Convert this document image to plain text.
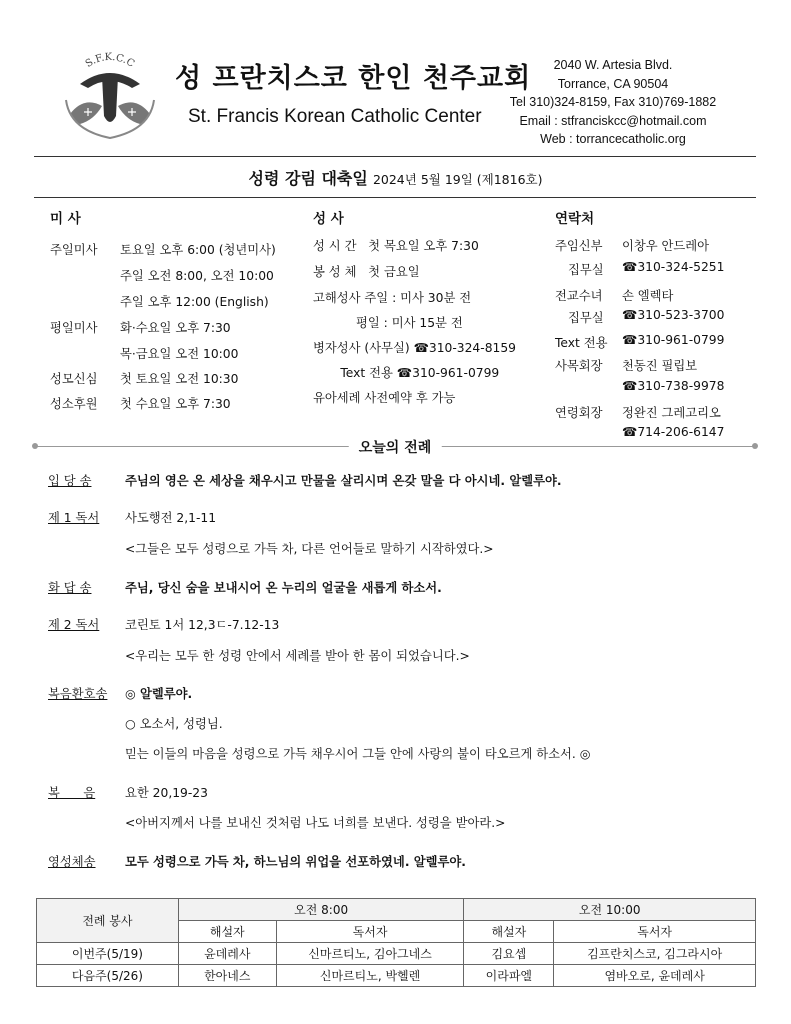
S.F.K.C.C 성 프란치스코 한인 천주교회
St. Francis Korean Catholic Center
2040 W. Artesia Blvd.
Torrance, CA 90504
Tel 310)324-8159, Fax 310)769-1882
Email : stfranciskcc@hotmail.com
Web : torrancecatholic.org
성령 강림 대축일 2024년 5월 19일 (제1816호)
미 사
주일미사 토요일 오후 6:00 (청년미사)
주일 오전 8:00, 오전 10:00
주일 오후 12:00 (English)
평일미사 화·수요일 오후 7:30
목·금요일 오전 10:00
성모신심 첫 토요일 오전 10:30
성소후원 첫 수요일 오후 7:30
성 사
성 시 간   첫 목요일 오후 7:30
봉 성 체   첫 금요일
고해성사 주일 : 미사 30분 전
평일 : 미사 15분 전
병자성사 (사무실) ☎310-324-8159
Text 전용 ☎310-961-0799
유아세례 사전예약 후 가능
연락처
주임신부 이창우 안드레아
집무실 ☎310-324-5251
전교수녀 손 엘렉타
집무실 ☎310-523-3700
Text 전용 ☎310-961-0799
사목회장 천동진 필립보
☎310-738-9978
연령회장 정완진 그레고리오
☎714-206-6147
오늘의 전례
입 당 송	주님의 영은 온 세상을 채우시고 만물을 살리시며 온갖 말을 다 아시네. 알렐루야.
제 1 독서 사도행전 2,1-11
<그들은 모두 성령으로 가득 차, 다른 언어들로 말하기 시작하였다.>
화 답 송	주님, 당신 숨을 보내시어 온 누리의 얼굴을 새롭게 하소서.
제 2 독서 코린토 1서 12,3ㄷ-7.12-13
<우리는 모두 한 성령 안에서 세례를 받아 한 몸이 되었습니다.>
복음환호송 ◎ 알렐루야.
○ 오소서, 성령님.
믿는 이들의 마음을 성령으로 가득 채우시어 그들 안에 사랑의 불이 타오르게 하소서. ◎
복      음 요한 20,19-23
<아버지께서 나를 보내신 것처럼 나도 너희를 보낸다. 성령을 받아라.>
영성체송 모두 성령으로 가득 차, 하느님의 위업을 선포하였네. 알렐루야.
전례 봉사	오전 8:00		오전 10:00	
	해설자	독서자	해설자	독서자
이번주(5/19)	윤데레사	신마르티노, 김아그네스	김요셉	김프란치스코, 김그라시아
다음주(5/26)	한아네스	신마르티노, 박헬렌	이라파엘	염바오로, 윤데레사
